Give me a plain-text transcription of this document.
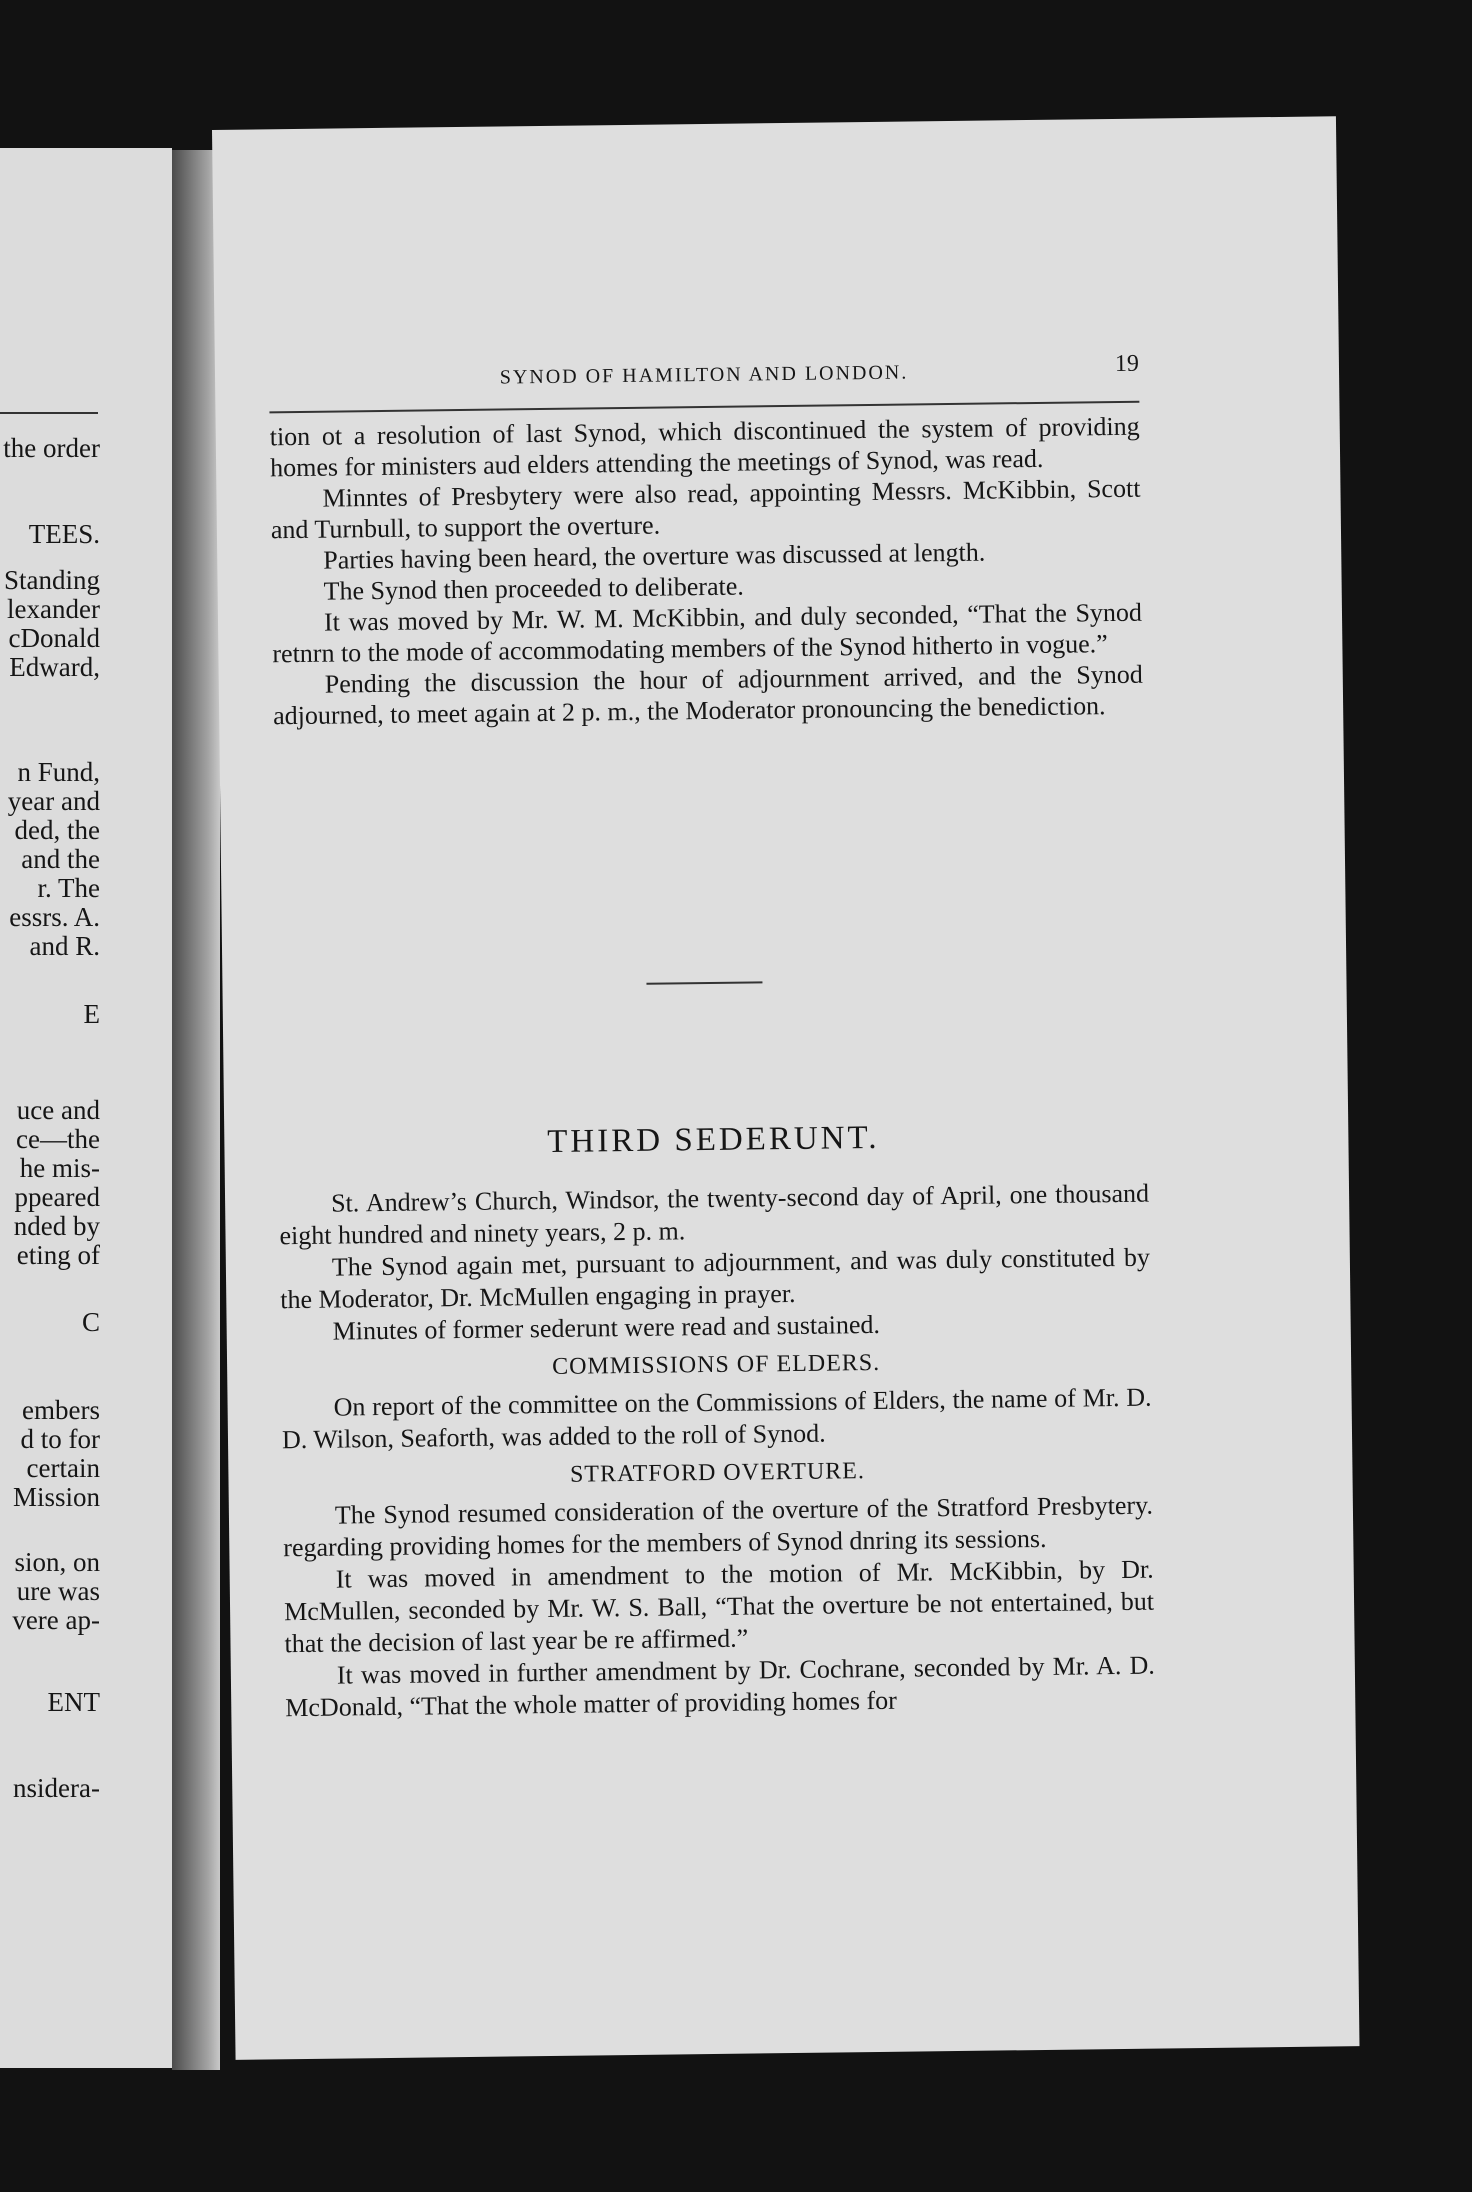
the order
TEES.
Standing
lexander
cDonald
Edward,
n Fund,
year and
ded, the
and the
r. The
essrs. A.
and R.
E
uce and
ce—the
he mis-
ppeared
nded by
eting of
C
embers
d to for
certain
Mission
sion, on
ure was
vere ap-
ENT
nsidera-
SYNOD OF HAMILTON AND LONDON.	19

tion ot a resolution of last Synod, which discontinued the system of providing homes for ministers aud elders attending the meetings of Synod, was read.

Minntes of Presbytery were also read, appointing Messrs. McKibbin, Scott and Turnbull, to support the overture.

Parties having been heard, the overture was discussed at length.

The Synod then proceeded to deliberate.

It was moved by Mr. W. M. McKibbin, and duly seconded, “That the Synod retnrn to the mode of accommodating members of the Synod hitherto in vogue.”

Pending the discussion the hour of adjournment arrived, and the Synod adjourned, to meet again at 2 p. m., the Moderator pronouncing the benediction.

THIRD SEDERUNT.

St. Andrew’s Church, Windsor, the twenty-second day of April, one thousand eight hundred and ninety years, 2 p. m.

The Synod again met, pursuant to adjournment, and was duly constituted by the Moderator, Dr. McMullen engaging in prayer.

Minutes of former sederunt were read and sustained.

COMMISSIONS OF ELDERS.

On report of the committee on the Commissions of Elders, the name of Mr. D. D. Wilson, Seaforth, was added to the roll of Synod.

STRATFORD OVERTURE.

The Synod resumed consideration of the overture of the Stratford Presbytery. regarding providing homes for the members of Synod dnring its sessions.

It was moved in amendment to the motion of Mr. McKibbin, by Dr. McMullen, seconded by Mr. W. S. Ball, “That the overture be not entertained, but that the decision of last year be re affirmed.”

It was moved in further amendment by Dr. Cochrane, seconded by Mr. A. D. McDonald, “That the whole matter of providing homes for
